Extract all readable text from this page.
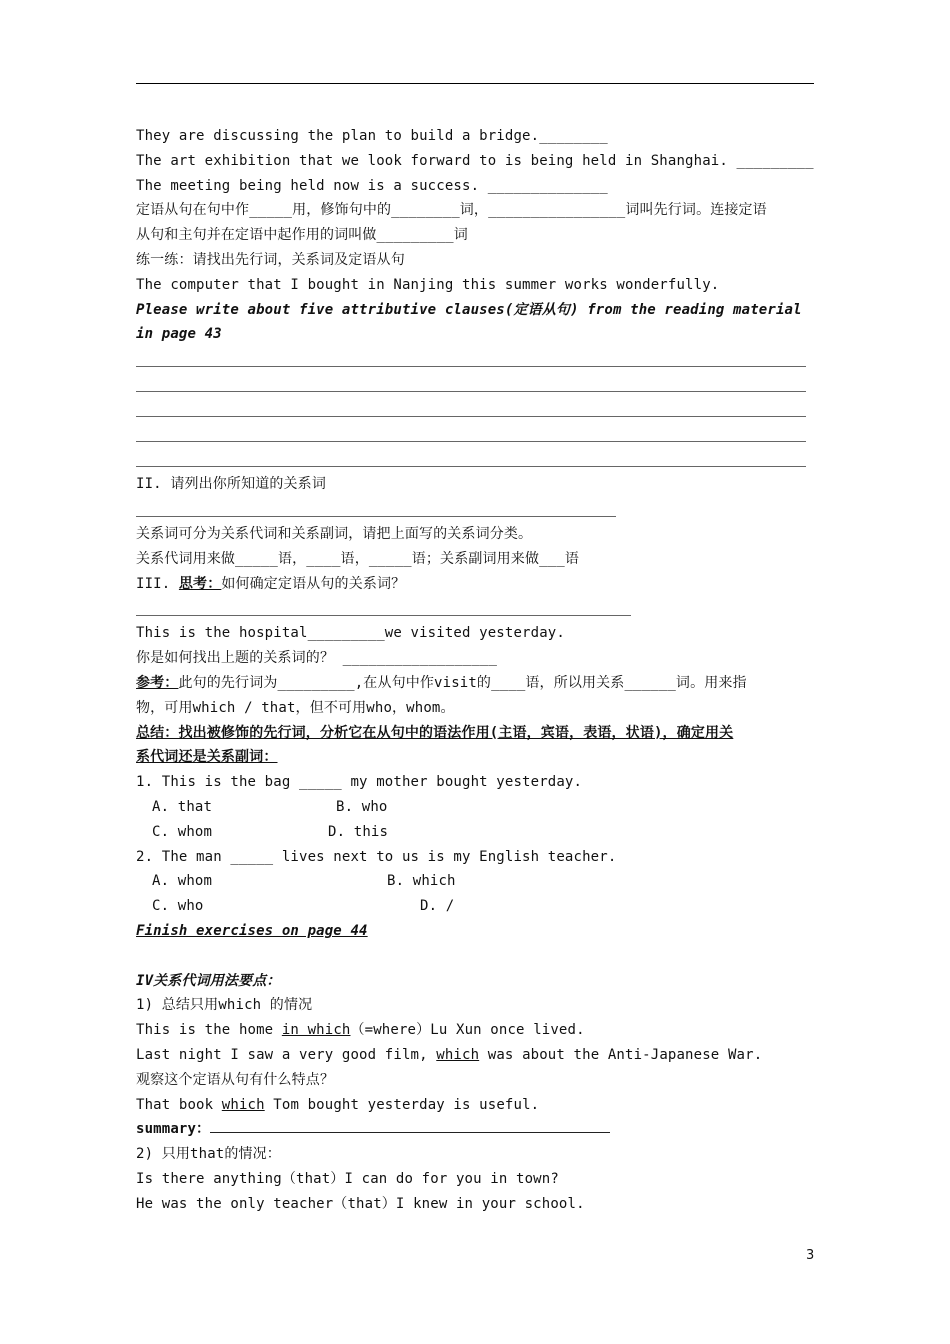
They are discussing the plan to build a bridge.________
The art exhibition that we look forward to is being held in Shanghai. _________
The meeting being held now is a success. ______________
定语从句在句中作_____用，修饰句中的________词，________________词叫先行词。连接定语
从句和主句并在定语中起作用的词叫做_________词
练一练：请找出先行词，关系词及定语从句
The computer that I bought in Nanjing this summer works wonderfully.
Please write about five attributive clauses(定语从句) from the reading material
in page 43
II. 请列出你所知道的关系词
关系词可分为关系代词和关系副词，请把上面写的关系词分类。
关系代词用来做_____语，____语，_____语；关系副词用来做___语
III. 思考：如何确定定语从句的关系词？
This is the hospital_________we visited yesterday.
你是如何找出上题的关系词的？ __________________
参考：此句的先行词为_________,在从句中作visit的____语，所以用关系______词。用来指
物，可用which / that，但不可用who，whom。
总结：找出被修饰的先行词，分析它在从句中的语法作用(主语，宾语，表语，状语)，确定用关
系代词还是关系副词：
1. This is the bag _____ my mother bought yesterday.
A. that	B. who
C. whom	D. this
2. The man _____ lives next to us is my English teacher.
A. whom	B. which
C. who	D. /
Finish exercises on page 44
IV关系代词用法要点：
1) 总结只用which 的情况
This is the home in which（=where）Lu Xun once lived.
Last night I saw a very good film, which was about the Anti-Japanese War.
观察这个定语从句有什么特点？
That book which Tom bought yesterday is useful.
summary：
2) 只用that的情况：
Is there anything（that）I can do for you in town?
He was the only teacher（that）I knew in your school.
3
